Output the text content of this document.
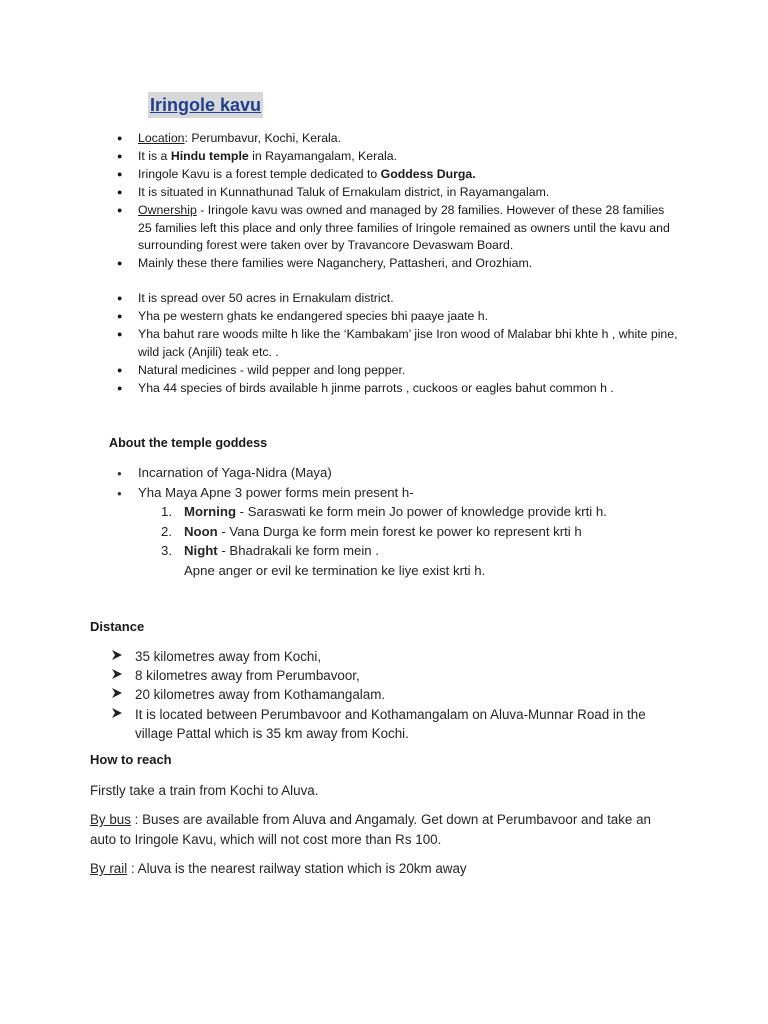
Iringole kavu
● Location: Perumbavur, Kochi, Kerala.
● It is a Hindu temple in Rayamangalam, Kerala.
● Iringole Kavu is a forest temple dedicated to Goddess Durga.
● It is situated in Kunnathunad Taluk of Ernakulam district, in Rayamangalam.
● Ownership - Iringole kavu was owned and managed by 28 families. However of these 28 families 25 families left this place and only three families of Iringole remained as owners until the kavu and surrounding forest were taken over by Travancore Devaswam Board.
● Mainly these there families were Naganchery, Pattasheri, and Orozhiam.
● It is spread over 50 acres in Ernakulam district.
● Yha pe western ghats ke endangered species bhi paaye jaate h.
● Yha bahut rare woods milte h like the ‘Kambakam’ jise Iron wood of Malabar bhi khte h , white pine, wild jack (Anjili) teak etc. .
● Natural medicines - wild pepper and long pepper.
● Yha 44 species of birds available h jinme parrots , cuckoos or eagles bahut common h .
About the temple goddess
● Incarnation of Yaga-Nidra (Maya)
● Yha Maya Apne 3 power forms mein present h-
1. Morning - Saraswati ke form mein Jo power of knowledge provide krti h.
2. Noon - Vana Durga ke form mein forest ke power ko represent krti h
3. Night - Bhadrakali ke form mein .
Apne anger or evil ke termination ke liye exist krti h.
Distance
35 kilometres away from Kochi,
8 kilometres away from Perumbavoor,
20 kilometres away from Kothamangalam.
It is located between Perumbavoor and Kothamangalam on Aluva-Munnar Road in the village Pattal which is 35 km away from Kochi.
How to reach
Firstly take a train from Kochi to Aluva.
By bus : Buses are available from Aluva and Angamaly. Get down at Perumbavoor and take an auto to Iringole Kavu, which will not cost more than Rs 100.
By rail : Aluva is the nearest railway station which is 20km away
